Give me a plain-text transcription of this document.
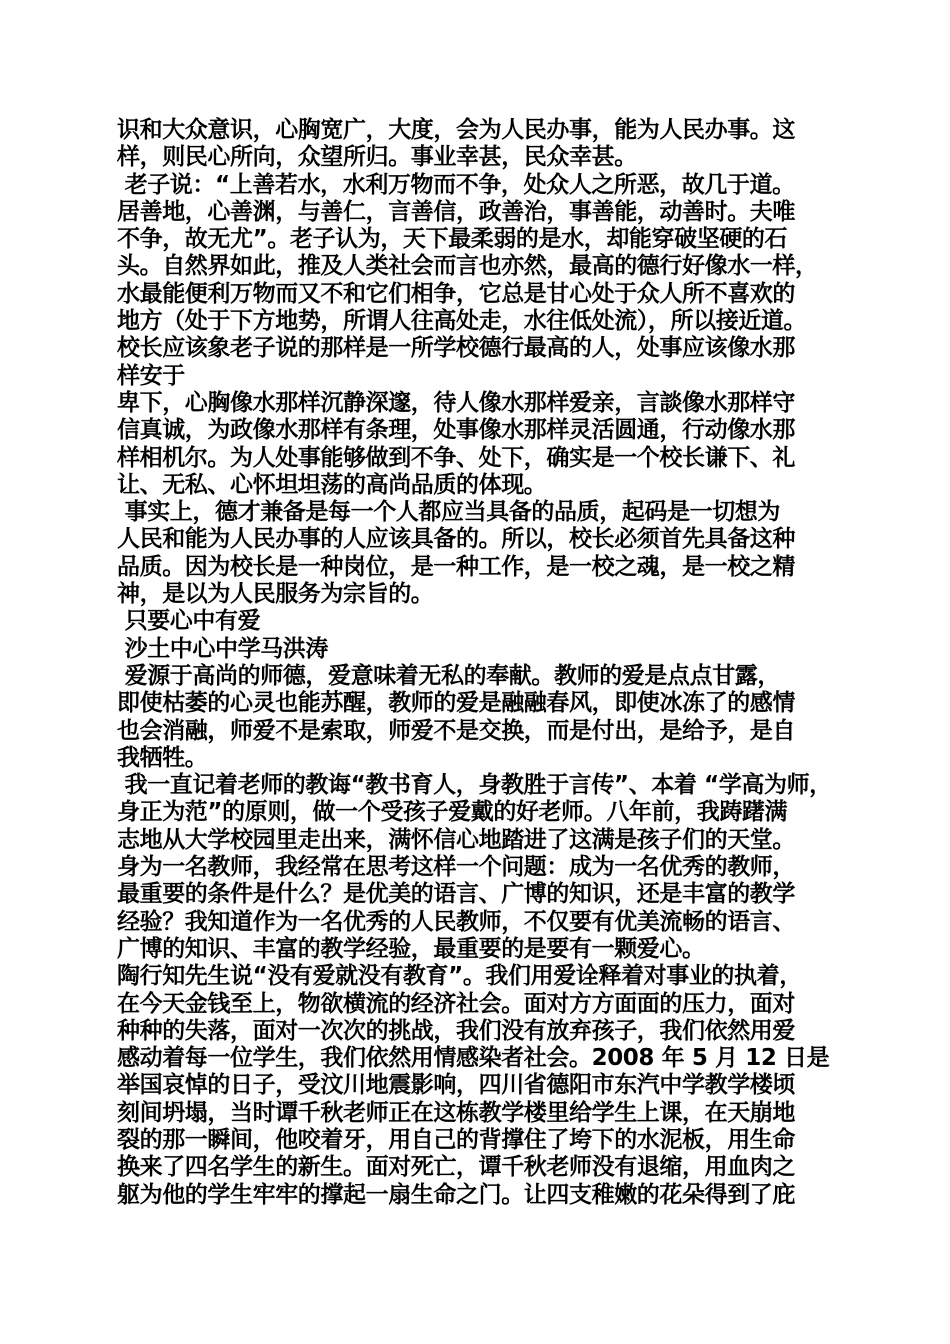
识和大众意识，心胸宽广，大度，会为人民办事，能为人民办事。这
样，则民心所向，众望所归。事业幸甚，民众幸甚。
老子说：“上善若水，水利万物而不争，处众人之所恶，故几于道。
居善地，心善渊，与善仁，言善信，政善治，事善能，动善时。夫唯
不争，故无尤”。老子认为，天下最柔弱的是水，却能穿破坚硬的石
头。自然界如此，推及人类社会而言也亦然，最高的德行好像水一样，
水最能便利万物而又不和它们相争，它总是甘心处于众人所不喜欢的
地方（处于下方地势，所谓人往高处走，水往低处流），所以接近道。
校长应该象老子说的那样是一所学校德行最高的人，处事应该像水那
样安于
卑下，心胸像水那样沉静深邃，待人像水那样爱亲，言談像水那样守
信真诚，为政像水那样有条理，处事像水那样灵活圆通，行动像水那
样相机尔。为人处事能够做到不争、处下，确实是一个校长谦下、礼
让、无私、心怀坦坦荡的高尚品质的体现。
事实上，德才兼备是每一个人都应当具备的品质，起码是一切想为
人民和能为人民办事的人应该具备的。所以，校长必须首先具备这种
品质。因为校长是一种岗位，是一种工作，是一校之魂，是一校之精
神，是以为人民服务为宗旨的。
只要心中有爱
沙土中心中学马洪涛
爱源于高尚的师德，爱意味着无私的奉献。教师的爱是点点甘露，
即使枯萎的心灵也能苏醒，教师的爱是融融春风，即使冰冻了的感情
也会消融，师爱不是索取，师爱不是交换，而是付出，是给予，是自
我牺牲。
我一直记着老师的教诲“教书育人，身教胜于言传”、本着 “学高为师，
身正为范”的原则，做一个受孩子爱戴的好老师。八年前，我踌躇满
志地从大学校园里走出来，满怀信心地踏进了这满是孩子们的天堂。
身为一名教师，我经常在思考这样一个问题：成为一名优秀的教师，
最重要的条件是什么？是优美的语言、广博的知识，还是丰富的教学
经验？我知道作为一名优秀的人民教师，不仅要有优美流畅的语言、
广博的知识、丰富的教学经验，最重要的是要有一颗爱心。
陶行知先生说“没有爱就没有教育”。我们用爱诠释着对事业的执着，
在今天金钱至上，物欲横流的经济社会。面对方方面面的压力，面对
种种的失落，面对一次次的挑战，我们没有放弃孩子，我们依然用爱
感动着每一位学生，我们依然用情感染者社会。2008 年 5 月 12 日是
举国哀悼的日子，受汶川地震影响，四川省德阳市东汽中学教学楼顷
刻间坍塌，当时谭千秋老师正在这栋教学楼里给学生上课，在天崩地
裂的那一瞬间，他咬着牙，用自己的背撑住了垮下的水泥板，用生命
换来了四名学生的新生。面对死亡，谭千秋老师没有退缩，用血肉之
躯为他的学生牢牢的撑起一扇生命之门。让四支稚嫩的花朵得到了庇
